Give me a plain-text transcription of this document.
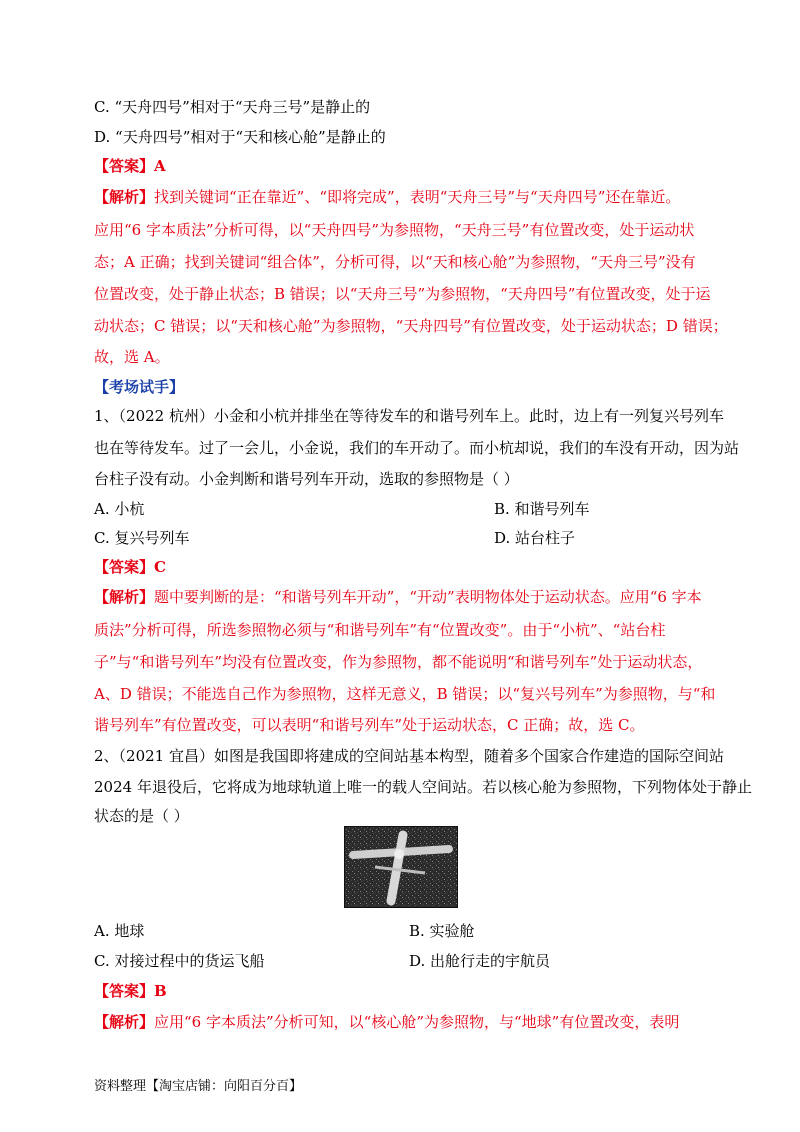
C. “天舟四号”相对于“天舟三号”是静止的
D. “天舟四号”相对于“天和核心舱”是静止的
【答案】A
【解析】找到关键词“正在靠近”、“即将完成”，表明“天舟三号”与“天舟四号”还在靠近。
应用“6 字本质法”分析可得，以“天舟四号”为参照物，“天舟三号”有位置改变，处于运动状
态；A 正确；找到关键词“组合体”，分析可得，以“天和核心舱”为参照物，“天舟三号”没有
位置改变，处于静止状态；B 错误；以“天舟三号”为参照物，“天舟四号”有位置改变，处于运
动状态；C 错误；以“天和核心舱”为参照物，“天舟四号”有位置改变，处于运动状态；D 错误；
故，选 A。
【考场试手】
1、（2022 杭州）小金和小杭并排坐在等待发车的和谐号列车上。此时，边上有一列复兴号列车
也在等待发车。过了一会儿，小金说，我们的车开动了。而小杭却说，我们的车没有开动，因为站
台柱子没有动。小金判断和谐号列车开动，选取的参照物是（ ）
A. 小杭	B. 和谐号列车
C. 复兴号列车	D. 站台柱子
【答案】C
【解析】题中要判断的是：“和谐号列车开动”，“开动”表明物体处于运动状态。应用“6 字本
质法”分析可得，所选参照物必须与“和谐号列车”有“位置改变”。由于“小杭”、“站台柱
子”与“和谐号列车”均没有位置改变，作为参照物，都不能说明“和谐号列车”处于运动状态，
A、D 错误；不能选自己作为参照物，这样无意义，B 错误；以“复兴号列车”为参照物，与“和
谐号列车”有位置改变，可以表明“和谐号列车”处于运动状态，C 正确；故，选 C。
2、（2021 宜昌）如图是我国即将建成的空间站基本构型，随着多个国家合作建造的国际空间站
2024 年退役后，它将成为地球轨道上唯一的载人空间站。若以核心舱为参照物，下列物体处于静止
状态的是（ ）
A. 地球	B. 实验舱
C. 对接过程中的货运飞船	D. 出舱行走的宇航员
【答案】B
【解析】应用“6 字本质法”分析可知，以“核心舱”为参照物，与“地球”有位置改变，表明
资料整理【淘宝店铺：向阳百分百】
